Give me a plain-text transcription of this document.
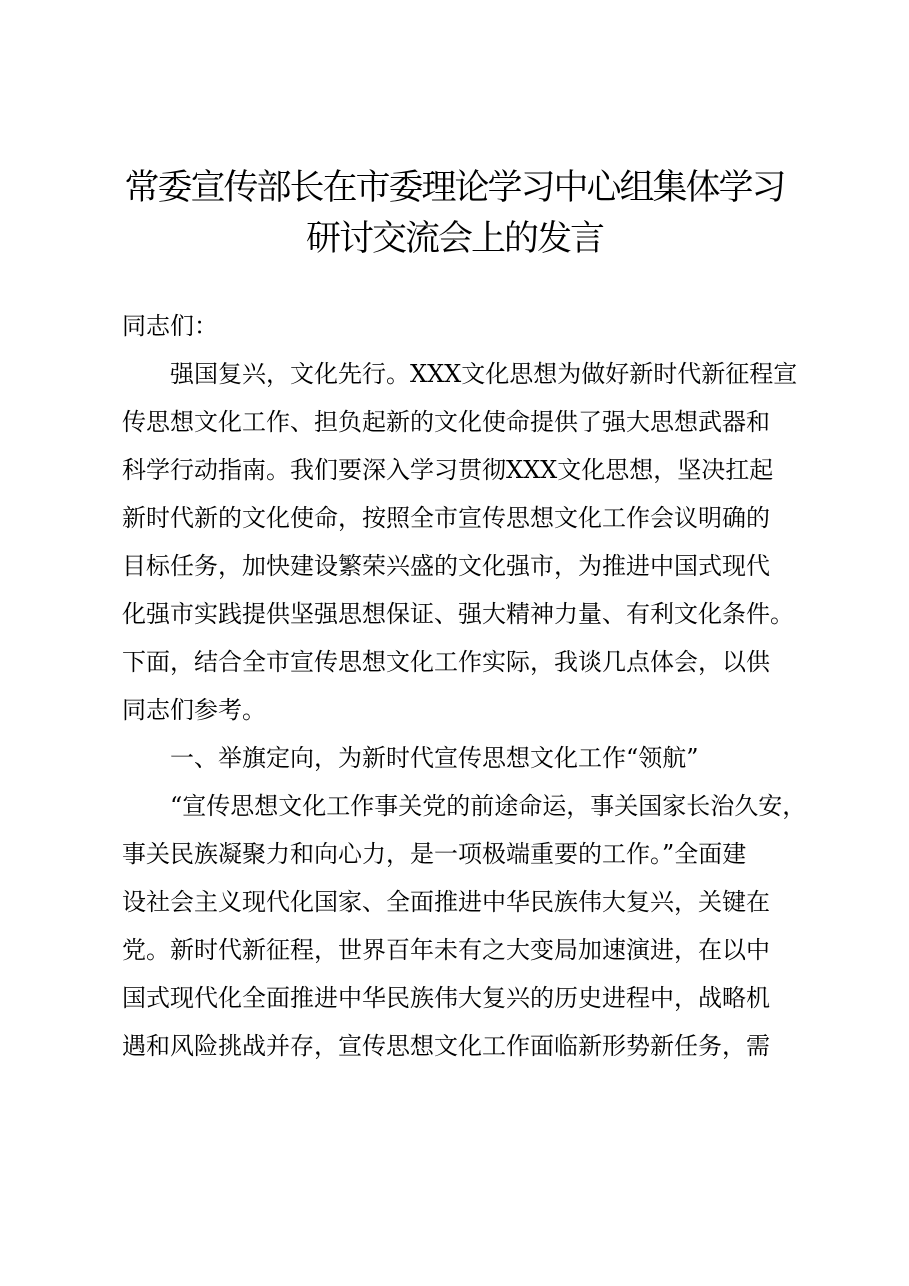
常委宣传部长在市委理论学习中心组集体学习
研讨交流会上的发言

同志们：

　　强国复兴，文化先行。XXX文化思想为做好新时代新征程宣

传思想文化工作、担负起新的文化使命提供了强大思想武器和

科学行动指南。我们要深入学习贯彻XXX文化思想，坚决扛起

新时代新的文化使命，按照全市宣传思想文化工作会议明确的

目标任务，加快建设繁荣兴盛的文化强市，为推进中国式现代

化强市实践提供坚强思想保证、强大精神力量、有利文化条件。

下面，结合全市宣传思想文化工作实际，我谈几点体会，以供

同志们参考。

　　一、举旗定向，为新时代宣传思想文化工作“领航”

　　“宣传思想文化工作事关党的前途命运，事关国家长治久安，

事关民族凝聚力和向心力，是一项极端重要的工作。”全面建

设社会主义现代化国家、全面推进中华民族伟大复兴，关键在

党。新时代新征程，世界百年未有之大变局加速演进，在以中

国式现代化全面推进中华民族伟大复兴的历史进程中，战略机

遇和风险挑战并存，宣传思想文化工作面临新形势新任务，需
